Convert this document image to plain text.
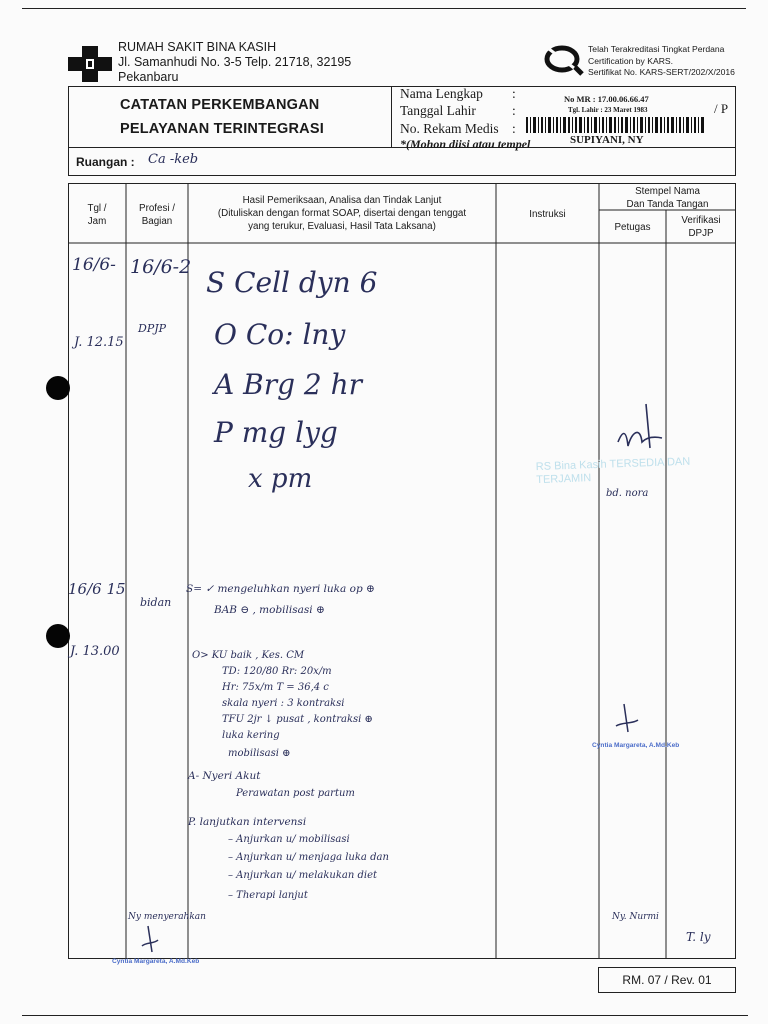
RUMAH SAKIT BINA KASIH
Jl. Samanhudi No. 3-5 Telp. 21718, 32195
Pekanbaru
Telah Terakreditasi Tingkat Perdana
Certification by KARS.
Sertifikat No. KARS-SERT/202/X/2016
CATATAN PERKEMBANGAN
PELAYANAN TERINTEGRASI
Nama Lengkap :
Tanggal Lahir	:
No. Rekam Medis :
*(Mohon diisi atau tempel
/ P
No MR : 17.00.06.66.47
Tgl. Lahir : 23 Maret 1983
SUPIYANI, NY
Ruangan : Ca -keb
Tgl /
Jam
Profesi /
Bagian
Hasil Pemeriksaan, Analisa dan Tindak Lanjut
(Dituliskan dengan format SOAP, disertai dengan tenggat
yang terukur, Evaluasi, Hasil Tata Laksana)
Instruksi
Stempel Nama
Dan Tanda Tangan
Petugas
Verifikasi
DPJP
16/6-
J. 12.15
16/6-2
DPJP
S Cell dyn 6
O Co: lny
A Brg 2 hr
P mg lyg
x pm	bd. nora
RS Bina Kasih TERSEDIA DAN TERJAMIN
16/6 15
J. 13.00
bidan
S= ✓ mengeluhkan nyeri luka op ⊕
BAB ⊖ , mobilisasi ⊕
O> KU baik , Kes. CM
TD: 120/80 Rr: 20x/m
Hr: 75x/m T = 36,4 c
skala nyeri : 3 kontraksi
TFU 2jr ↓ pusat , kontraksi ⊕
luka kering
mobilisasi ⊕
A- Nyeri Akut
Perawatan post partum
P. lanjutkan intervensi
– Anjurkan u/ mobilisasi
– Anjurkan u/ menjaga luka dan
– Anjurkan u/ melakukan diet
– Therapi lanjut
Ny menyerahkan
Cyntia Margareta, A.Md.Keb
Ny. Nurmi
T. ly
Cyntia Margareta, A.Md.Keb
RM. 07 / Rev. 01
